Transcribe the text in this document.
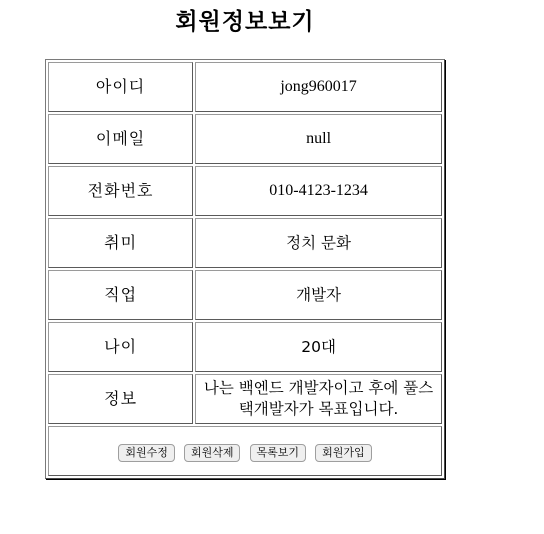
회원정보보기
아이디	jong960017
이메일	null
전화번호	010-4123-1234
취미	정치 문화
직업	개발자
나이	20대
정보	나는 백엔드 개발자이고 후에 풀스택개발자가 목표입니다.
회원수정 회원삭제 목록보기 회원가입	
